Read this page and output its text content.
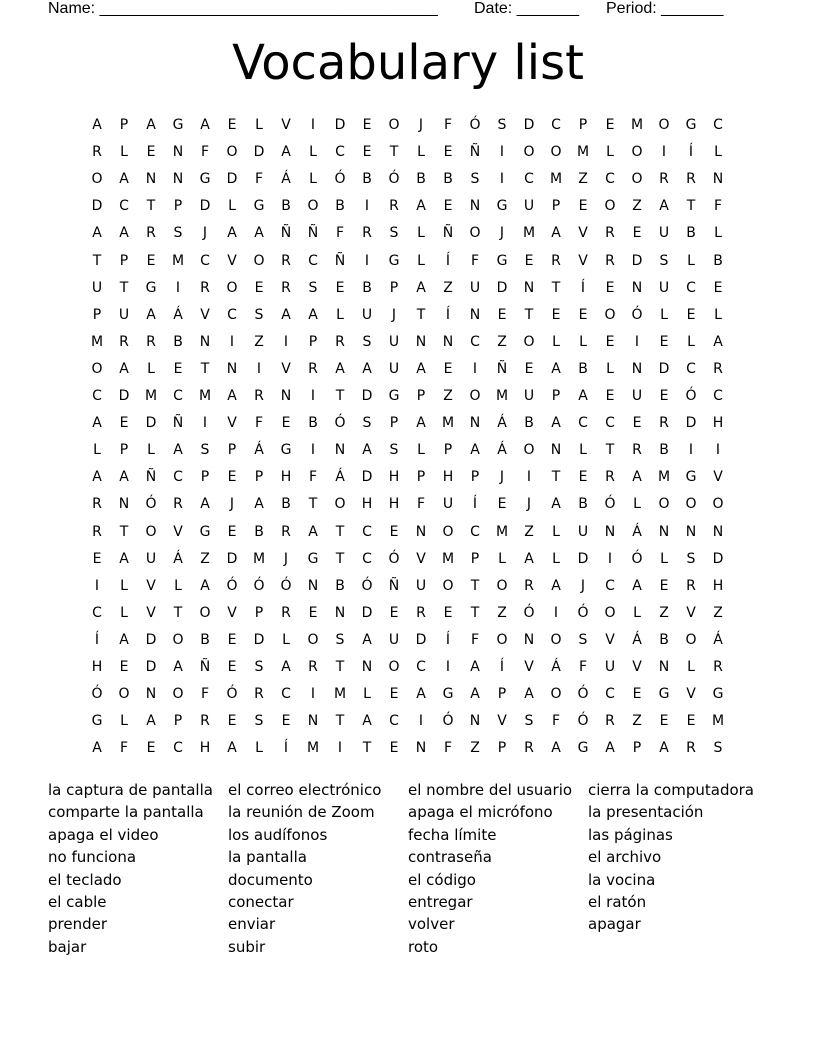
Name: ______________________________________ Date: _______ Period: _______
Vocabulary list
A	P	A	G	A	E	L	V	I	D	E	O	J	F	Ó	S	D	C	P	E	M	O	G	C
R	L	E	N	F	O	D	A	L	C	E	T	L	E	Ñ	I	O	O	M	L	O	I	Í	L
O	A	N	N	G	D	F	Á	L	Ó	B	Ó	B	B	S	I	C	M	Z	C	O	R	R	N
D	C	T	P	D	L	G	B	O	B	I	R	A	E	N	G	U	P	E	O	Z	A	T	F
A	A	R	S	J	A	A	Ñ	Ñ	F	R	S	L	Ñ	O	J	M	A	V	R	E	U	B	L
T	P	E	M	C	V	O	R	C	Ñ	I	G	L	Í	F	G	E	R	V	R	D	S	L	B
U	T	G	I	R	O	E	R	S	E	B	P	A	Z	U	D	N	T	Í	E	N	U	C	E
P	U	A	Á	V	C	S	A	A	L	U	J	T	Í	N	E	T	E	E	O	Ó	L	E	L
M	R	R	B	N	I	Z	I	P	R	S	U	N	N	C	Z	O	L	L	E	I	E	L	A
O	A	L	E	T	N	I	V	R	A	A	U	A	E	I	Ñ	E	A	B	L	N	D	C	R
C	D	M	C	M	A	R	N	I	T	D	G	P	Z	O	M	U	P	A	E	U	E	Ó	C
A	E	D	Ñ	I	V	F	E	B	Ó	S	P	A	M	N	Á	B	A	C	C	E	R	D	H
L	P	L	A	S	P	Á	G	I	N	A	S	L	P	A	Á	O	N	L	T	R	B	I	I
A	A	Ñ	C	P	E	P	H	F	Á	D	H	P	H	P	J	I	T	E	R	A	M	G	V
R	N	Ó	R	A	J	A	B	T	O	H	H	F	U	Í	E	J	A	B	Ó	L	O	O	O
R	T	O	V	G	E	B	R	A	T	C	E	N	O	C	M	Z	L	U	N	Á	N	N	N
E	A	U	Á	Z	D	M	J	G	T	C	Ó	V	M	P	L	A	L	D	I	Ó	L	S	D
I	L	V	L	A	Ó	Ó	Ó	N	B	Ó	Ñ	U	O	T	O	R	A	J	C	A	E	R	H
C	L	V	T	O	V	P	R	E	N	D	E	R	E	T	Z	Ó	I	Ó	O	L	Z	V	Z
Í	A	D	O	B	E	D	L	O	S	A	U	D	Í	F	O	N	O	S	V	Á	B	O	Á
H	E	D	A	Ñ	E	S	A	R	T	N	O	C	I	A	Í	V	Á	F	U	V	N	L	R
Ó	O	N	O	F	Ó	R	C	I	M	L	E	A	G	A	P	A	O	Ó	C	E	G	V	G
G	L	A	P	R	E	S	E	N	T	A	C	I	Ó	N	V	S	F	Ó	R	Z	E	E	M
A	F	E	C	H	A	L	Í	M	I	T	E	N	F	Z	P	R	A	G	A	P	A	R	S
la captura de pantalla
comparte la pantalla
apaga el video
no funciona
el teclado
el cable
prender
bajar
el correo electrónico
la reunión de Zoom
los audífonos
la pantalla
documento
conectar
enviar
subir
el nombre del usuario
apaga el micrófono
fecha límite
contraseña
el código
entregar
volver
roto
cierra la computadora
la presentación
las páginas
el archivo
la vocina
el ratón
apagar
